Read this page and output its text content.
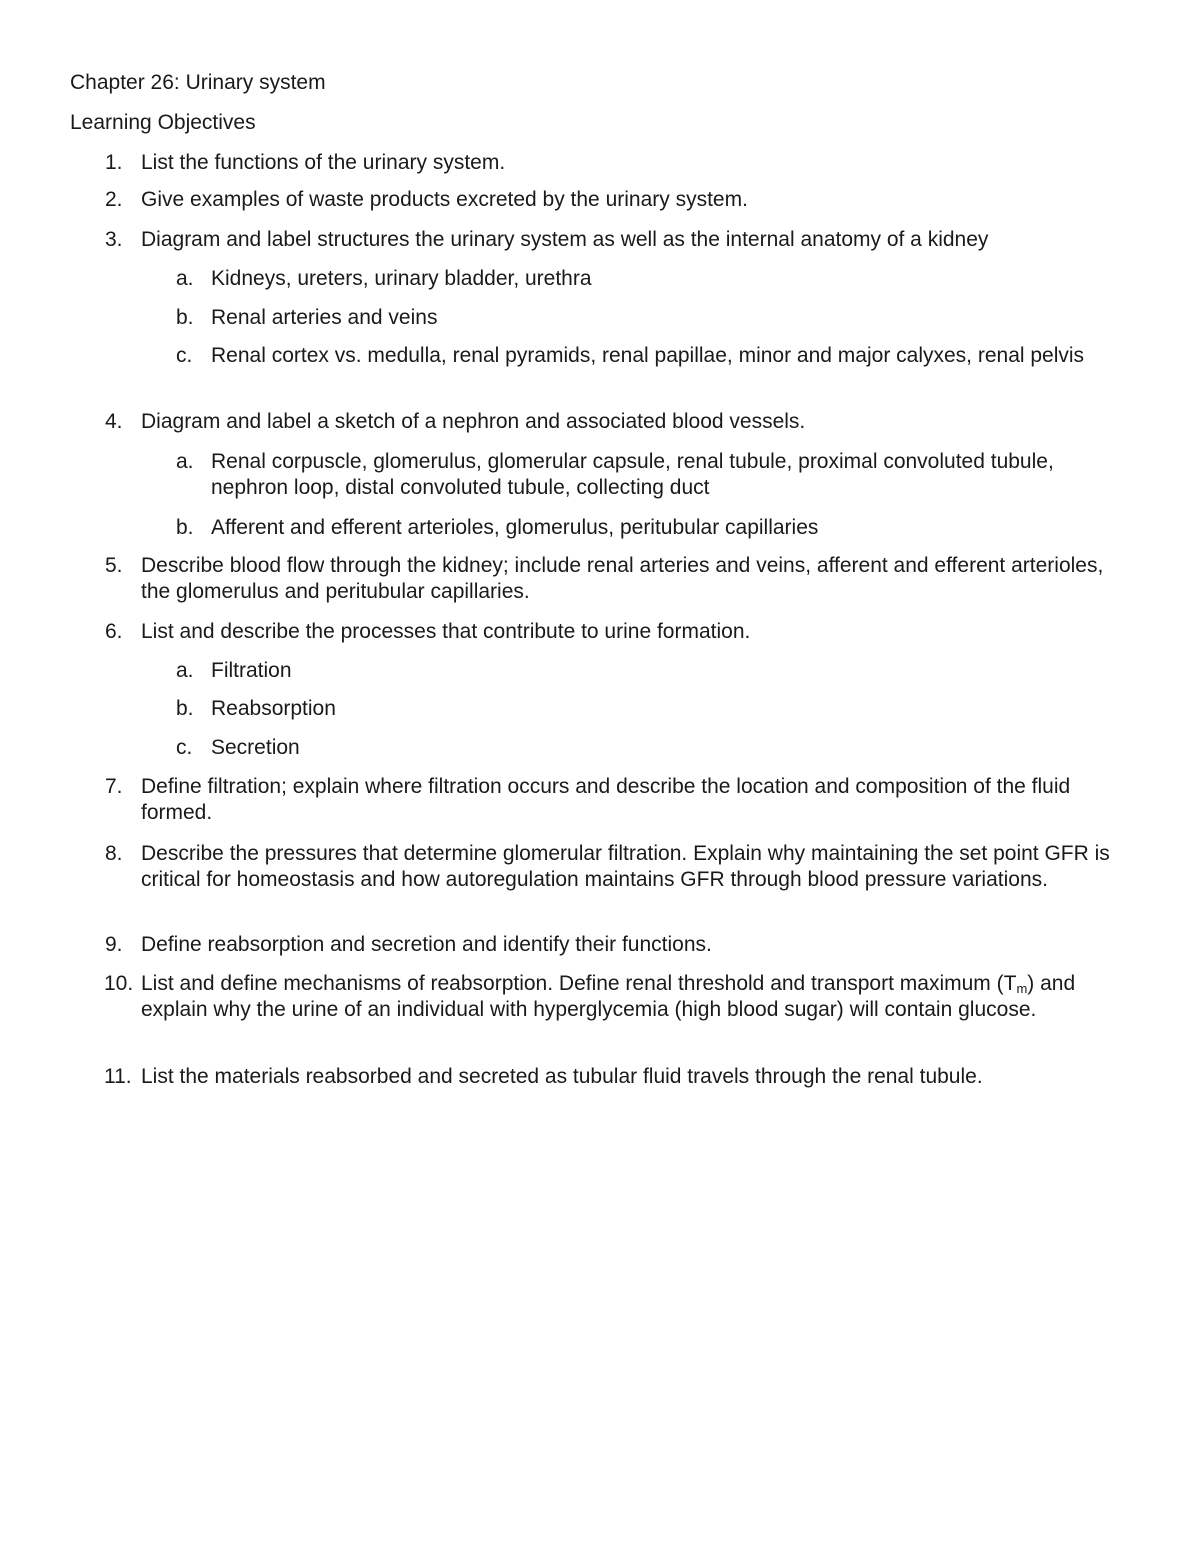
Chapter 26: Urinary system

Learning Objectives

1. List the functions of the urinary system.
2. Give examples of waste products excreted by the urinary system.
3. Diagram and label structures the urinary system as well as the internal anatomy of a kidney
a. Kidneys, ureters, urinary bladder, urethra
b. Renal arteries and veins
c. Renal cortex vs. medulla, renal pyramids, renal papillae, minor and major calyxes, renal pelvis
4. Diagram and label a sketch of a nephron and associated blood vessels.
a. Renal corpuscle, glomerulus, glomerular capsule, renal tubule, proximal convoluted tubule, nephron loop, distal convoluted tubule, collecting duct
b. Afferent and efferent arterioles, glomerulus, peritubular capillaries
5. Describe blood flow through the kidney; include renal arteries and veins, afferent and efferent arterioles, the glomerulus and peritubular capillaries.
6. List and describe the processes that contribute to urine formation.
a. Filtration
b. Reabsorption
c. Secretion
7. Define filtration; explain where filtration occurs and describe the location and composition of the fluid formed.
8. Describe the pressures that determine glomerular filtration. Explain why maintaining the set point GFR is critical for homeostasis and how autoregulation maintains GFR through blood pressure variations.
9. Define reabsorption and secretion and identify their functions.
10. List and define mechanisms of reabsorption. Define renal threshold and transport maximum $(T_m)$ and explain why the urine of an individual with hyperglycemia (high blood sugar) will contain glucose.
11. List the materials reabsorbed and secreted as tubular fluid travels through the renal tubule.
